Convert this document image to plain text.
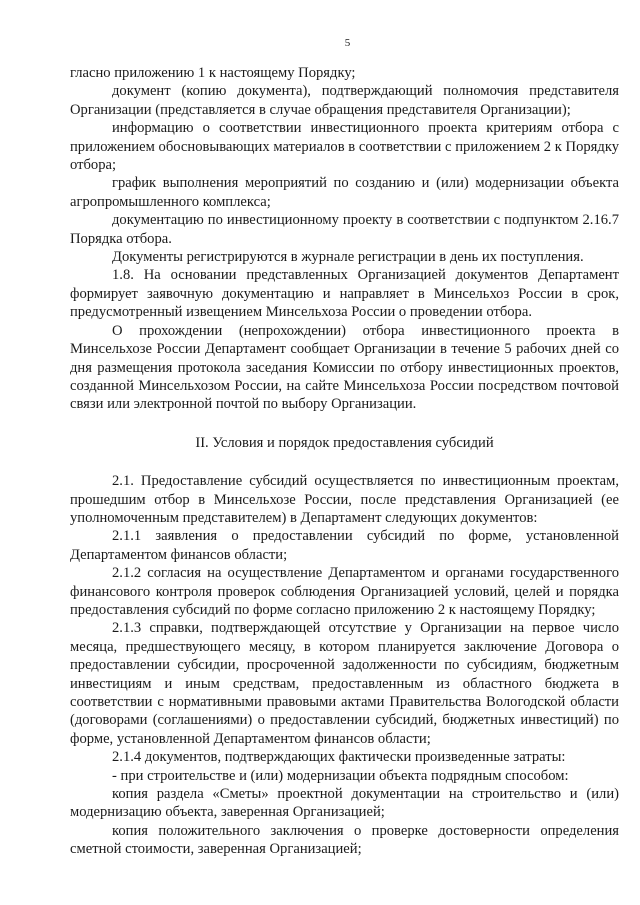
5

гласно приложению 1 к настоящему Порядку;

документ (копию документа), подтверждающий полномочия представителя Организации (представляется в случае обращения представителя Организации);

информацию о соответствии инвестиционного проекта критериям отбора с приложением обосновывающих материалов в соответствии с приложением 2 к Порядку отбора;

график выполнения мероприятий по созданию и (или) модернизации объекта агропромышленного комплекса;

документацию по инвестиционному проекту в соответствии с подпунктом 2.16.7 Порядка отбора.

Документы регистрируются в журнале регистрации в день их поступления.

1.8. На основании представленных Организацией документов Департамент формирует заявочную документацию и направляет в Минсельхоз России в срок, предусмотренный извещением Минсельхоза России о проведении отбора.

О прохождении (непрохождении) отбора инвестиционного проекта в Минсельхозе России Департамент сообщает Организации в течение 5 рабочих дней со дня размещения протокола заседания Комиссии по отбору инвестиционных проектов, созданной Минсельхозом России, на сайте Минсельхоза России посредством почтовой связи или электронной почтой по выбору Организации.

II. Условия и порядок предоставления субсидий

2.1. Предоставление субсидий осуществляется по инвестиционным проектам, прошедшим отбор в Минсельхозе России, после представления Организацией (ее уполномоченным представителем) в Департамент следующих документов:

2.1.1 заявления о предоставлении субсидий по форме, установленной Департаментом финансов области;

2.1.2 согласия на осуществление Департаментом и органами государственного финансового контроля проверок соблюдения Организацией условий, целей и порядка предоставления субсидий по форме согласно приложению 2 к настоящему Порядку;

2.1.3 справки, подтверждающей отсутствие у Организации на первое число месяца, предшествующего месяцу, в котором планируется заключение Договора о предоставлении субсидии, просроченной задолженности по субсидиям, бюджетным инвестициям и иным средствам, предоставленным из областного бюджета в соответствии с нормативными правовыми актами Правительства Вологодской области (договорами (соглашениями) о предоставлении субсидий, бюджетных инвестиций) по форме, установленной Департаментом финансов области;

2.1.4 документов, подтверждающих фактически произведенные затраты:

- при строительстве и (или) модернизации объекта подрядным способом:

копия раздела «Сметы» проектной документации на строительство и (или) модернизацию объекта, заверенная Организацией;

копия положительного заключения о проверке достоверности определения сметной стоимости, заверенная Организацией;
